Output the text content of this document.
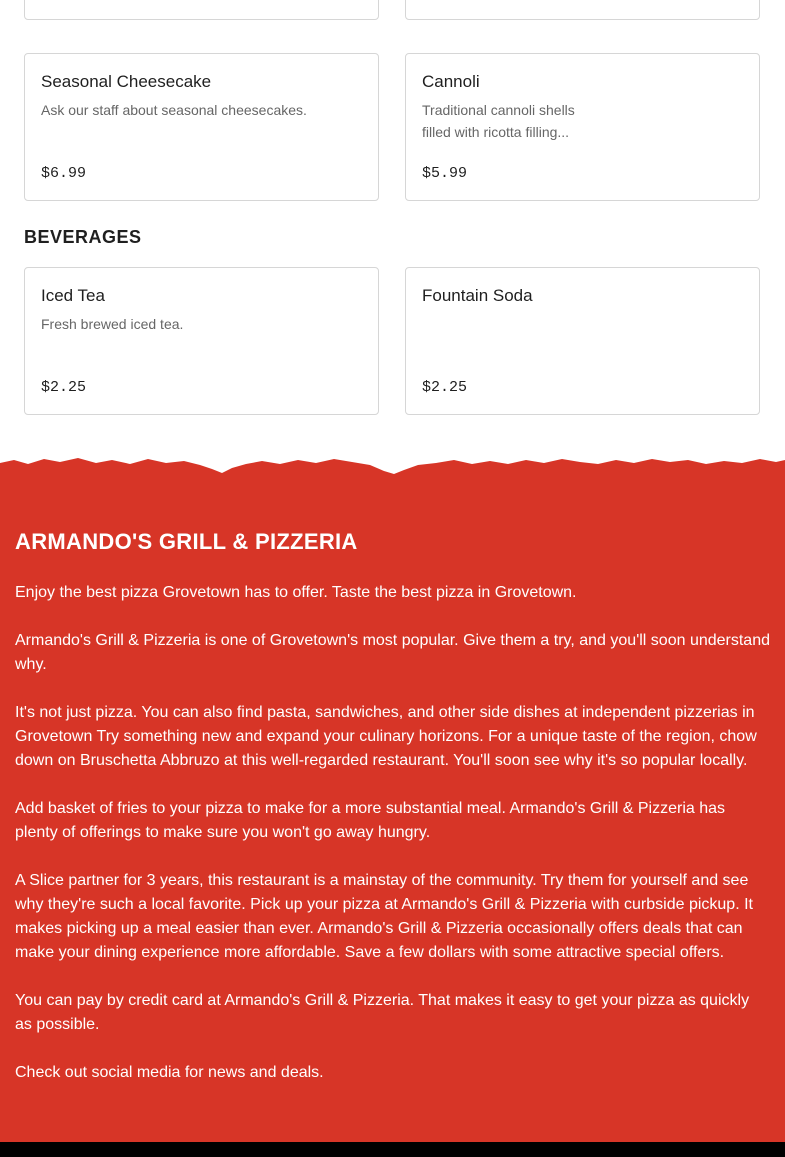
Seasonal Cheesecake
Ask our staff about seasonal cheesecakes.
$6.99
Cannoli
Traditional cannoli shells filled with ricotta filling...
$5.99
BEVERAGES
Iced Tea
Fresh brewed iced tea.
$2.25
Fountain Soda
$2.25
ARMANDO'S GRILL & PIZZERIA

Enjoy the best pizza Grovetown has to offer. Taste the best pizza in Grovetown.

Armando's Grill & Pizzeria is one of Grovetown's most popular. Give them a try, and you'll soon understand why.

It's not just pizza. You can also find pasta, sandwiches, and other side dishes at independent pizzerias in Grovetown Try something new and expand your culinary horizons. For a unique taste of the region, chow down on Bruschetta Abbruzo at this well-regarded restaurant. You'll soon see why it's so popular locally.

Add basket of fries to your pizza to make for a more substantial meal. Armando's Grill & Pizzeria has plenty of offerings to make sure you won't go away hungry.

A Slice partner for 3 years, this restaurant is a mainstay of the community. Try them for yourself and see why they're such a local favorite. Pick up your pizza at Armando's Grill & Pizzeria with curbside pickup. It makes picking up a meal easier than ever. Armando's Grill & Pizzeria occasionally offers deals that can make your dining experience more affordable. Save a few dollars with some attractive special offers.

You can pay by credit card at Armando's Grill & Pizzeria. That makes it easy to get your pizza as quickly as possible.

Check out social media for news and deals.
